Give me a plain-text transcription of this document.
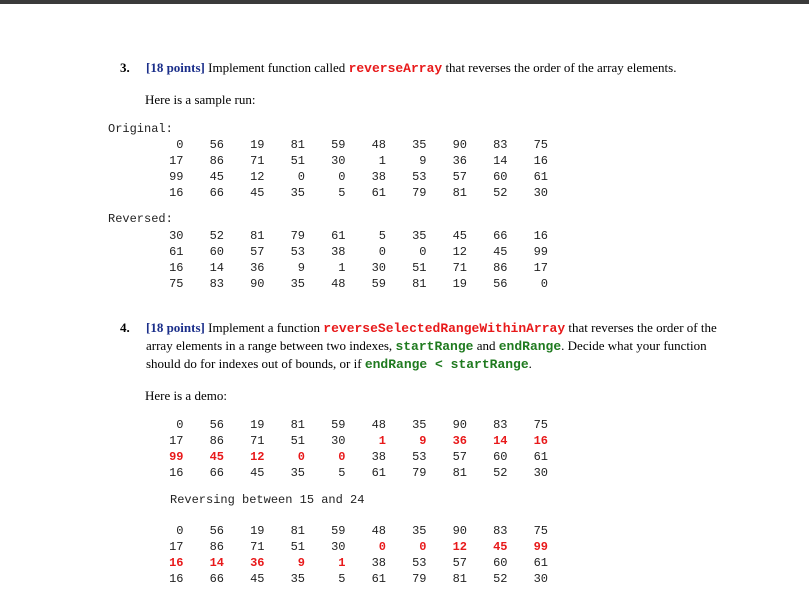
3. [18 points] Implement function called reverseArray that reverses the order of the array elements.
Here is a sample run:
Original:
0	56	19	81	59	48	35	90	83	75
17	86	71	51	30	1	9	36	14	16
99	45	12	0	0	38	53	57	60	61
16	66	45	35	5	61	79	81	52	30
Reversed:
30	52	81	79	61	5	35	45	66	16
61	60	57	53	38	0	0	12	45	99
16	14	36	9	1	30	51	71	86	17
75	83	90	35	48	59	81	19	56	0
4. [18 points] Implement a function reverseSelectedRangeWithinArray that reverses the order of the
array elements in a range between two indexes, startRange and endRange. Decide what your function
should do for indexes out of bounds, or if endRange < startRange.
Here is a demo:
0	56	19	81	59	48	35	90	83	75
17	86	71	51	30	1	9	36	14	16
99	45	12	0	0	38	53	57	60	61
16	66	45	35	5	61	79	81	52	30
Reversing between 15 and 24
0	56	19	81	59	48	35	90	83	75
17	86	71	51	30	0	0	12	45	99
16	14	36	9	1	38	53	57	60	61
16	66	45	35	5	61	79	81	52	30
